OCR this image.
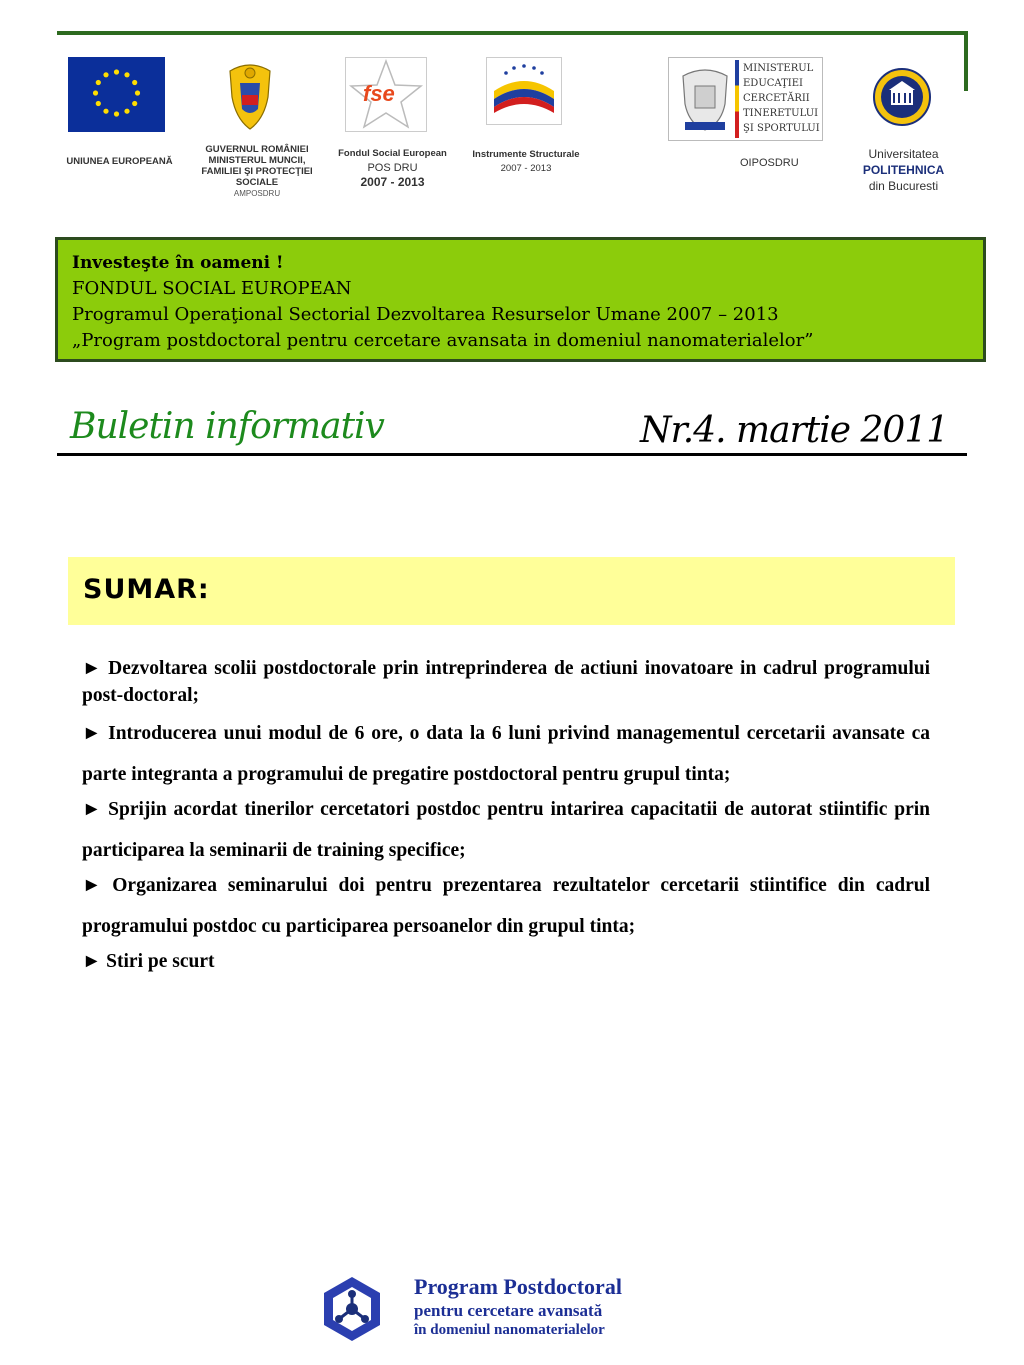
UNIUNEA EUROPEANĂ
GUVERNUL ROMÂNIEI
MINISTERUL MUNCII,
FAMILIEI ŞI PROTECŢIEI
SOCIALE
AMPOSDRU
fse
Fondul Social European
POS DRU
2007 - 2013
Instrumente Structurale
2007 - 2013
MINISTERUL
EDUCAŢIEI
CERCETĂRII
TINERETULUI
ŞI SPORTULUI
OIPOSDRU
Universitatea
POLITEHNICA
din Bucuresti
Investeşte în oameni !
FONDUL SOCIAL EUROPEAN
Programul Operaţional Sectorial Dezvoltarea Resurselor Umane 2007 – 2013
„Program postdoctoral pentru cercetare avansata in domeniul nanomaterialelor”
Buletin informativ	Nr.4. martie 2011
SUMAR:

► Dezvoltarea scolii postdoctorale prin intreprinderea de actiuni inovatoare in cadrul programului post-doctoral;

► Introducerea unui modul de 6 ore, o data la 6 luni privind managementul cercetarii avansate ca parte integranta a programului de pregatire postdoctoral pentru grupul tinta;

► Sprijin acordat tinerilor cercetatori postdoc pentru intarirea capacitatii de autorat stiintific prin participarea la seminarii de training specifice;

► Organizarea seminarului doi pentru prezentarea rezultatelor cercetarii stiintifice din cadrul programului postdoc cu participarea persoanelor din grupul tinta;

► Stiri pe scurt

Program Postdoctoral
pentru cercetare avansată
în domeniul nanomaterialelor
